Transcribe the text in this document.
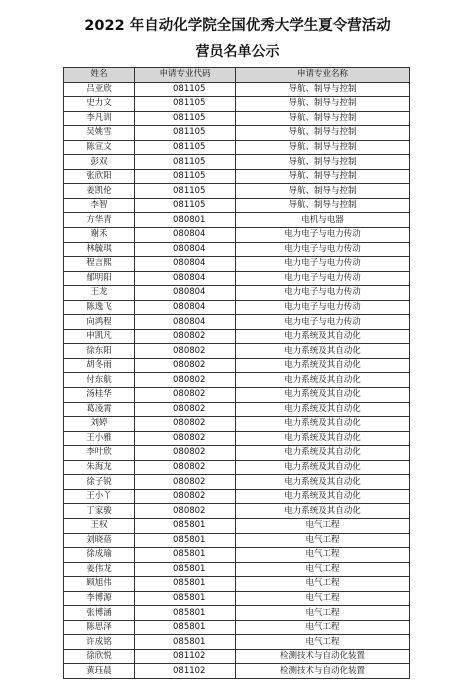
2022 年自动化学院全国优秀大学生夏令营活动
营员名单公示
姓名	申请专业代码	申请专业名称
吕亚欣	081105	导航、制导与控制
史力文	081105	导航、制导与控制
李凡训	081105	导航、制导与控制
吴姚雪	081105	导航、制导与控制
陈宣文	081105	导航、制导与控制
彭双	081105	导航、制导与控制
张欣阳	081105	导航、制导与控制
姜凯伦	081105	导航、制导与控制
李智	081105	导航、制导与控制
方华青	080801	电机与电器
谢禾	080804	电力电子与电力传动
林毓琪	080804	电力电子与电力传动
程言熙	080804	电力电子与电力传动
郁明阳	080804	电力电子与电力传动
王龙	080804	电力电子与电力传动
陈逸飞	080804	电力电子与电力传动
向鸿程	080804	电力电子与电力传动
申凯凡	080802	电力系统及其自动化
徐东阳	080802	电力系统及其自动化
胡冬雨	080802	电力系统及其自动化
付东航	080802	电力系统及其自动化
汤桂华	080802	电力系统及其自动化
葛凌霄	080802	电力系统及其自动化
刘婷	080802	电力系统及其自动化
王小雅	080802	电力系统及其自动化
李叶欣	080802	电力系统及其自动化
朱海龙	080802	电力系统及其自动化
徐子锐	080802	电力系统及其自动化
王小丫	080802	电力系统及其自动化
丁家骏	080802	电力系统及其自动化
王权	085801	电气工程
刘晓蓓	085801	电气工程
徐成瑜	085801	电气工程
姜伟龙	085801	电气工程
顾旭伟	085801	电气工程
李博源	085801	电气工程
张博涵	085801	电气工程
陈思泽	085801	电气工程
许成铭	085801	电气工程
徐欣悦	081102	检测技术与自动化装置
黄珏晨	081102	检测技术与自动化装置
